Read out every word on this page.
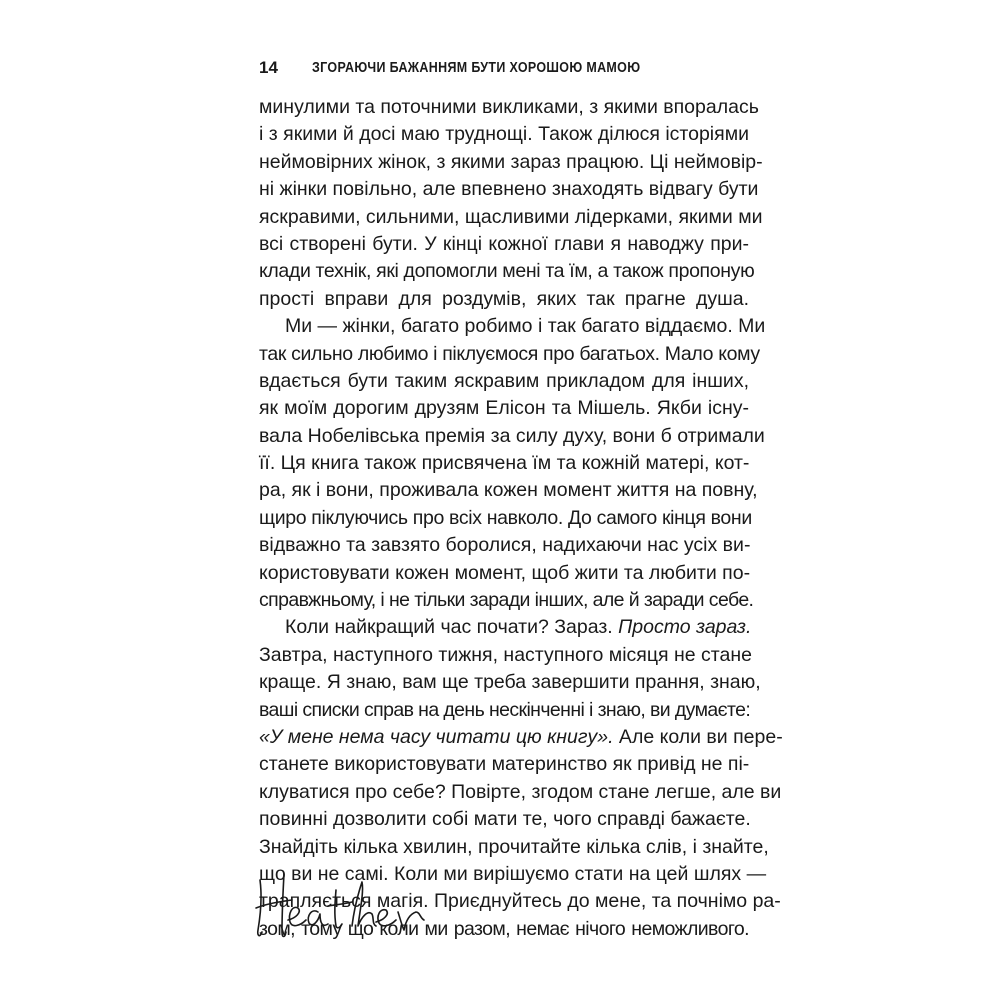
14 ЗГОРАЮЧИ БАЖАННЯМ БУТИ ХОРОШОЮ МАМОЮ
минулими та поточними викликами, з якими впоралась
і з якими й досі маю труднощі. Також ділюся історіями
неймовірних жінок, з якими зараз працюю. Ці неймовір-
ні жінки повільно, але впевнено знаходять відвагу бути
яскравими, сильними, щасливими лідерками, якими ми
всі створені бути. У кінці кожної глави я наводжу при-
клади технік, які допомогли мені та їм, а також пропоную
прості вправи для роздумів, яких так прагне душа.
Ми — жінки, багато робимо і так багато віддаємо. Ми
так сильно любимо і піклуємося про багатьох. Мало кому
вдається бути таким яскравим прикладом для інших,
як моїм дорогим друзям Елісон та Мішель. Якби існу-
вала Нобелівська премія за силу духу, вони б отримали
її. Ця книга також присвячена їм та кожній матері, кот-
ра, як і вони, проживала кожен момент життя на повну,
щиро піклуючись про всіх навколо. До самого кінця вони
відважно та завзято боролися, надихаючи нас усіх ви-
користовувати кожен момент, щоб жити та любити по-
справжньому, і не тільки заради інших, але й заради себе.
Коли найкращий час почати? Зараз. Просто зараз.
Завтра, наступного тижня, наступного місяця не стане
краще. Я знаю, вам ще треба завершити прання, знаю,
ваші списки справ на день нескінченні і знаю, ви думаєте:
«У мене нема часу читати цю книгу». Але коли ви пере-
станете використовувати материнство як привід не пі-
клуватися про себе? Повірте, згодом стане легше, але ви
повинні дозволити собі мати те, чого справді бажаєте.
Знайдіть кілька хвилин, прочитайте кілька слів, і знайте,
що ви не самі. Коли ми вирішуємо стати на цей шлях —
трапляється магія. Приєднуйтесь до мене, та почнімо ра-
зом, тому що коли ми разом, немає нічого неможливого.
